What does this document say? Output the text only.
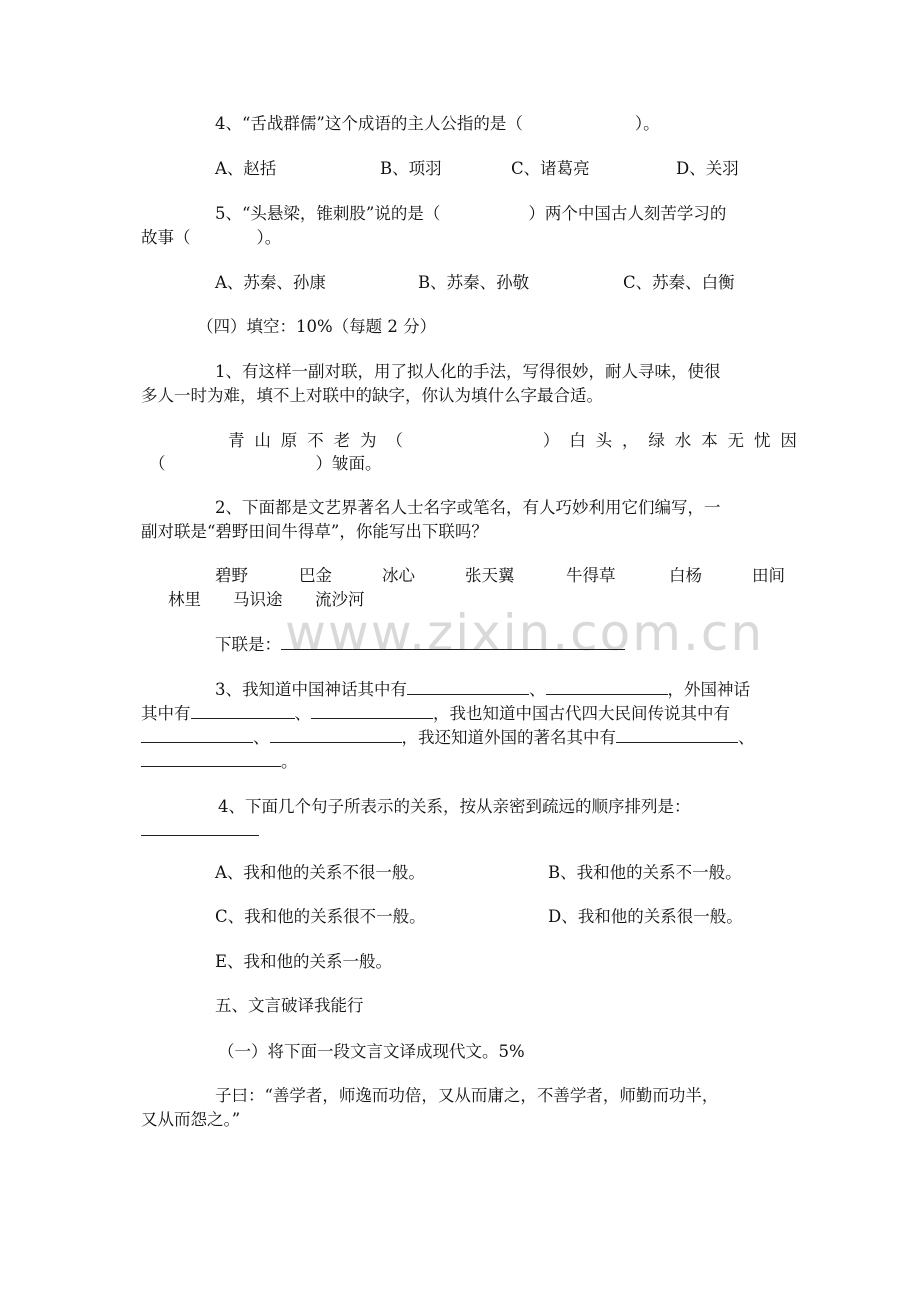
www.zixin.com.cn
4、“舌战群儒”这个成语的主人公指的是（	）。
A、赵括	B、项羽	C、诸葛亮	D、关羽
5、“头悬梁，锥刺股”说的是（	）两个中国古人刻苦学习的
故事（	）。
A、苏秦、孙康	B、苏秦、孙敬	C、苏秦、白衡
（四）填空：10%（每题 2 分）
1、有这样一副对联，用了拟人化的手法，写得很妙，耐人寻味，使很
多人一时为难，填不上对联中的缺字，你认为填什么字最合适。
青山原不老为（	）白头，绿水本无忧因
（	）皱面。
2、下面都是文艺界著名人士名字或笔名，有人巧妙利用它们编写，一
副对联是“碧野田间牛得草”，你能写出下联吗？
碧野	巴金	冰心	张天翼	牛得草	白杨	田间
林里 马识途 流沙河
下联是：
3、我知道中国神话其中有	、	，外国神话
其中有	、	，我也知道中国古代四大民间传说其中有
、	，我还知道外国的著名其中有	、
。
4、下面几个句子所表示的关系，按从亲密到疏远的顺序排列是：
A、我和他的关系不很一般。	B、我和他的关系不一般。
C、我和他的关系很不一般。	D、我和他的关系很一般。
E、我和他的关系一般。
五、文言破译我能行
（一）将下面一段文言文译成现代文。5%
子曰：“善学者，师逸而功倍，又从而庸之，不善学者，师勤而功半，
又从而怨之。”
